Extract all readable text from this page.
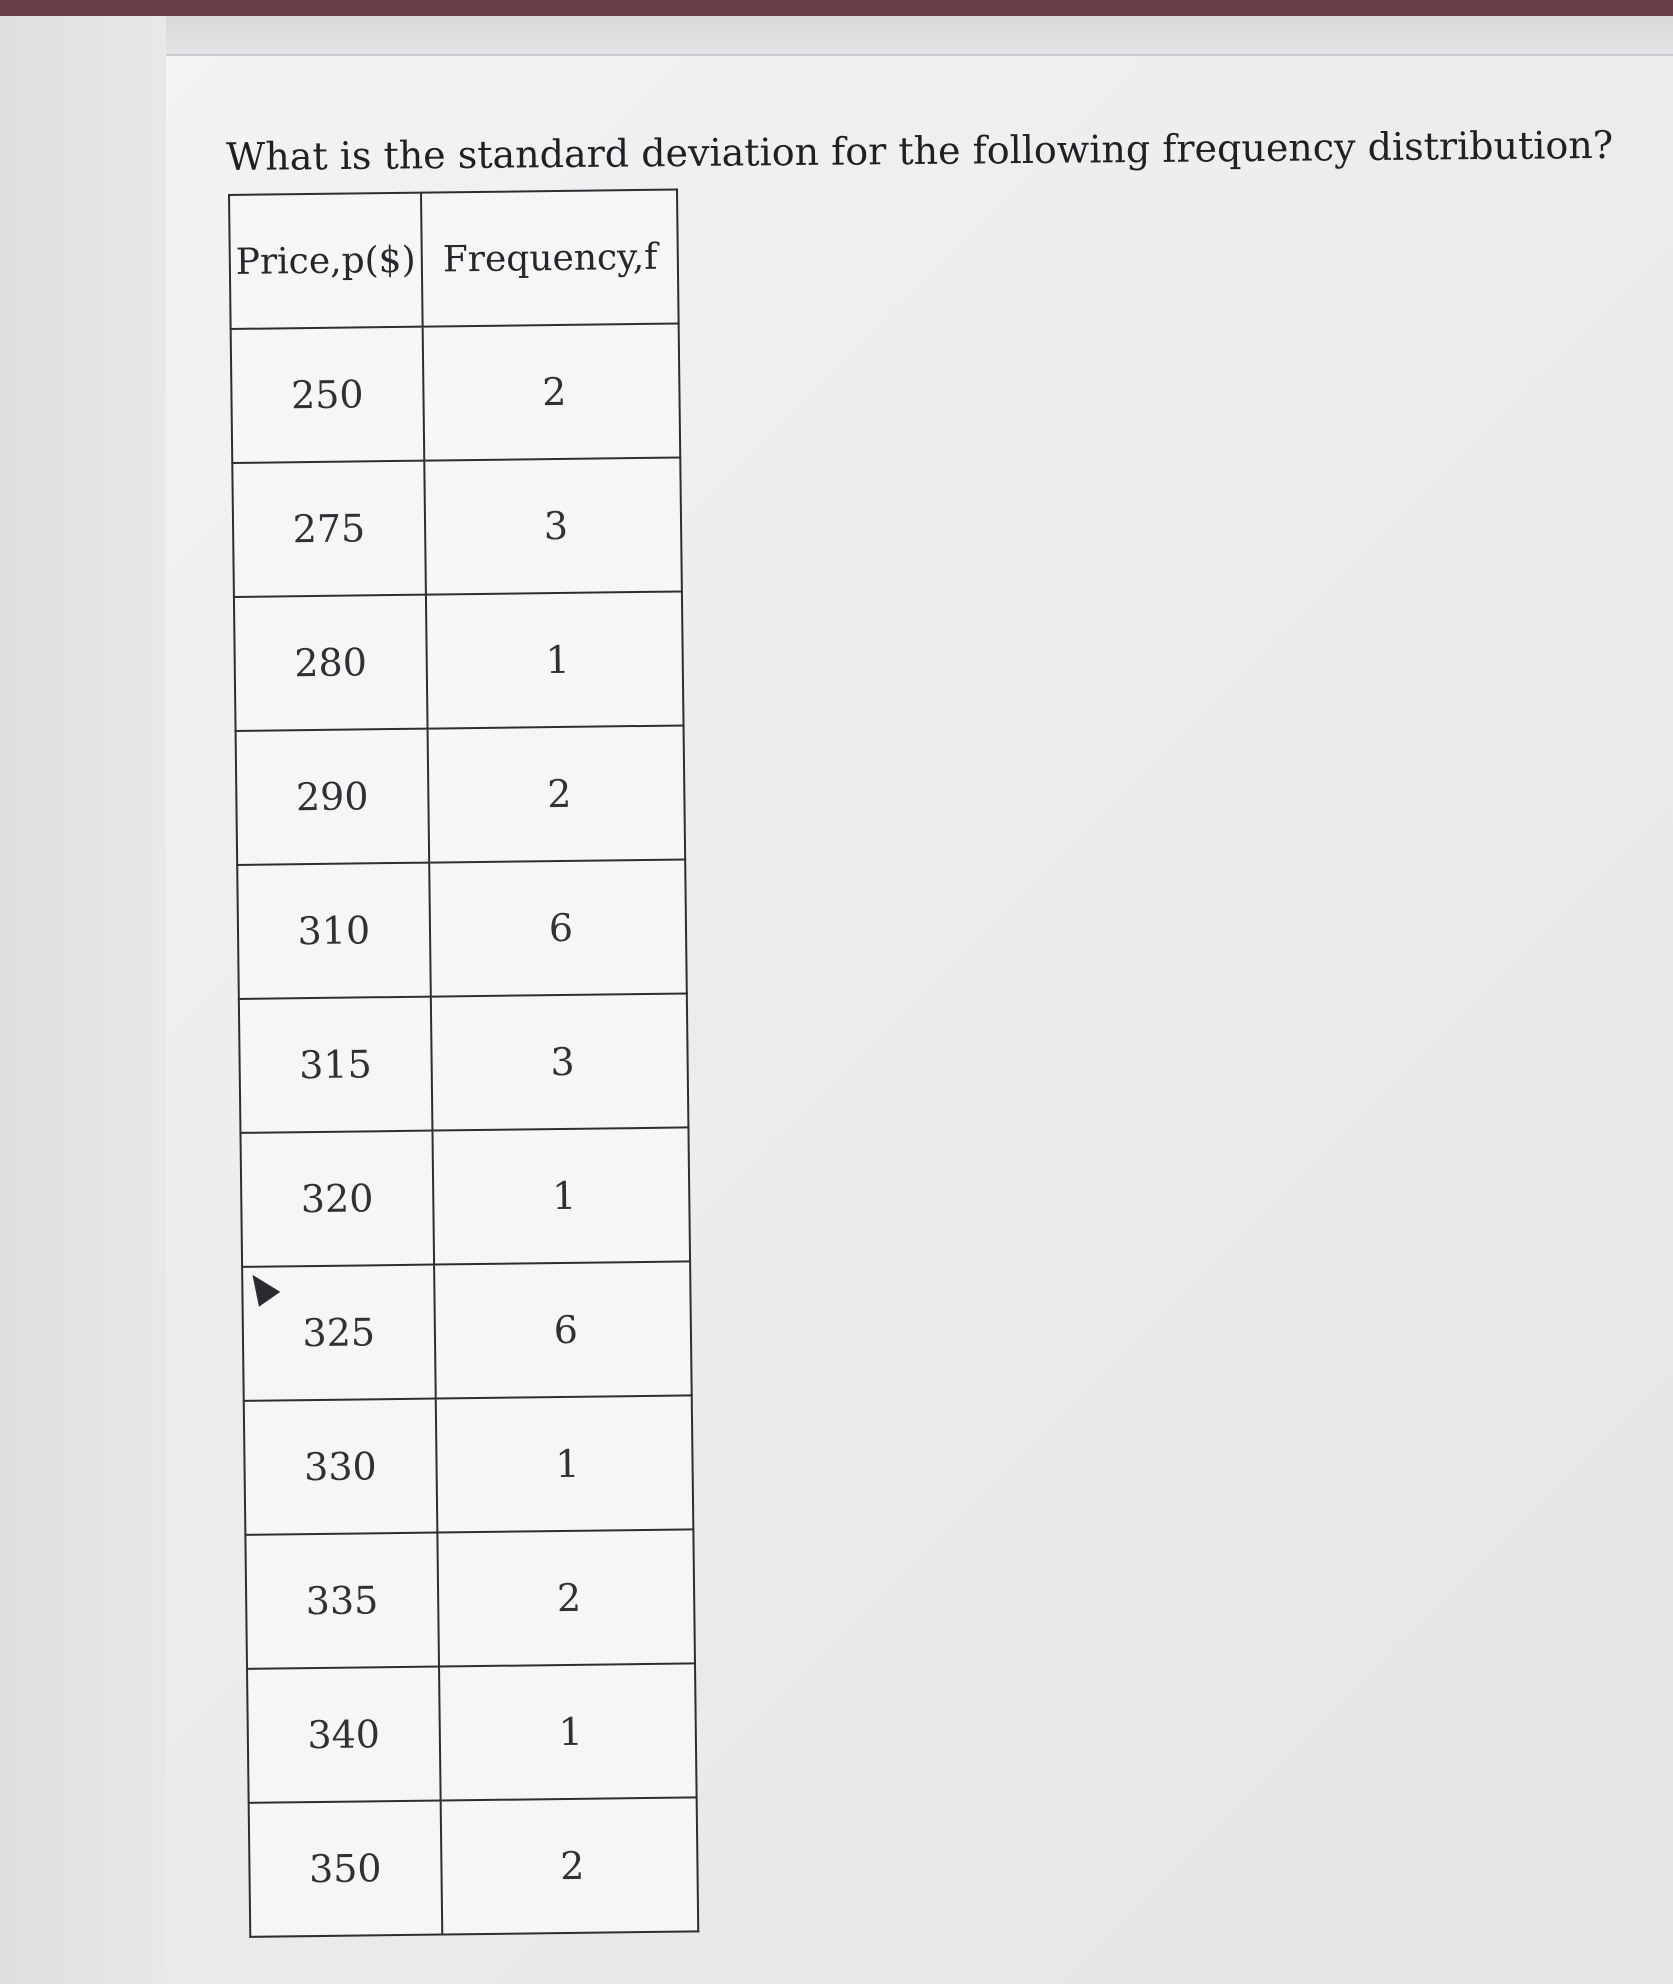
What is the standard deviation for the following frequency distribution?
Price,p($)	Frequency,f
250	2
275	3
280	1
290	2
310	6
315	3
320	1
325	6
330	1
335	2
340	1
350	2
